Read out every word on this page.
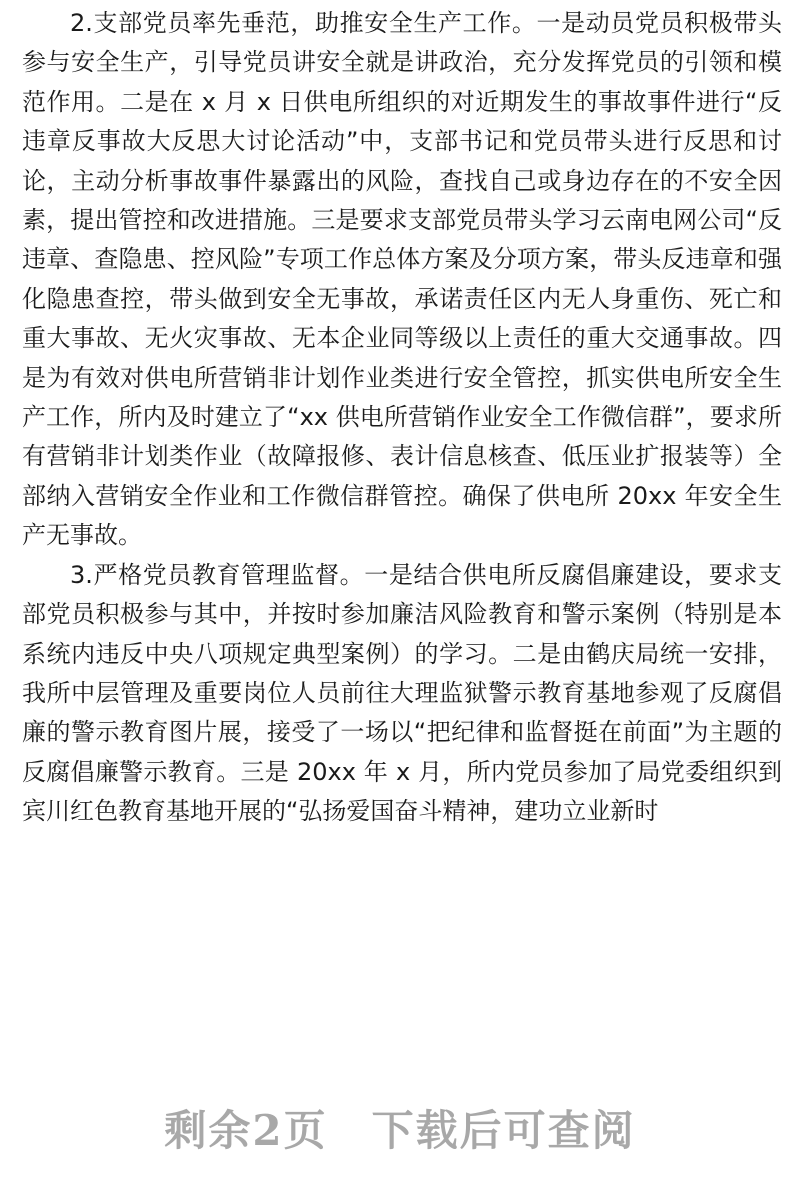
2.支部党员率先垂范，助推安全生产工作。一是动员党员积极带头参与安全生产，引导党员讲安全就是讲政治，充分发挥党员的引领和模范作用。二是在 x 月 x 日供电所组织的对近期发生的事故事件进行“反违章反事故大反思大讨论活动”中，支部书记和党员带头进行反思和讨论，主动分析事故事件暴露出的风险，查找自己或身边存在的不安全因素，提出管控和改进措施。三是要求支部党员带头学习云南电网公司“反违章、查隐患、控风险”专项工作总体方案及分项方案，带头反违章和强化隐患查控，带头做到安全无事故，承诺责任区内无人身重伤、死亡和重大事故、无火灾事故、无本企业同等级以上责任的重大交通事故。四是为有效对供电所营销非计划作业类进行安全管控，抓实供电所安全生产工作，所内及时建立了“xx 供电所营销作业安全工作微信群”，要求所有营销非计划类作业（故障报修、表计信息核查、低压业扩报装等）全部纳入营销安全作业和工作微信群管控。确保了供电所 20xx 年安全生产无事故。

3.严格党员教育管理监督。一是结合供电所反腐倡廉建设，要求支部党员积极参与其中，并按时参加廉洁风险教育和警示案例（特别是本系统内违反中央八项规定典型案例）的学习。二是由鹤庆局统一安排，我所中层管理及重要岗位人员前往大理监狱警示教育基地参观了反腐倡廉的警示教育图片展，接受了一场以“把纪律和监督挺在前面”为主题的反腐倡廉警示教育。三是 20xx 年 x 月，所内党员参加了局党委组织到宾川红色教育基地开展的“弘扬爱国奋斗精神，建功立业新时

剩余2页 下载后可查阅
